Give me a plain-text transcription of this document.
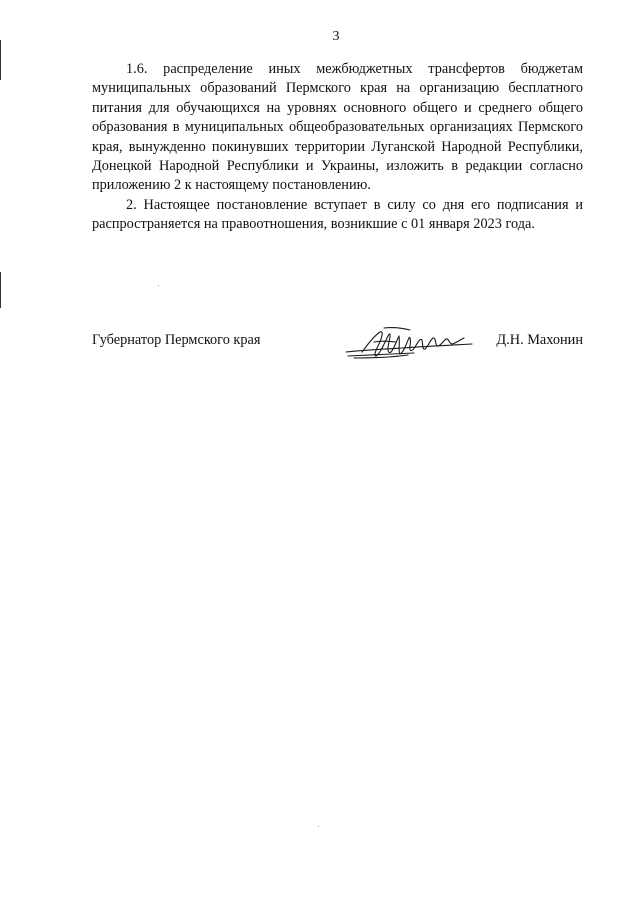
3

1.6. распределение иных межбюджетных трансфертов бюджетам муниципальных образований Пермского края на организацию бесплатного питания для обучающихся на уровнях основного общего и среднего общего образования в муниципальных общеобразовательных организациях Пермского края, вынужденно покинувших территории Луганской Народной Республики, Донецкой Народной Республики и Украины, изложить в редакции согласно приложению 2 к настоящему постановлению.

2. Настоящее постановление вступает в силу со дня его подписания и распространяется на правоотношения, возникшие с 01 января 2023 года.

Губернатор Пермского края	Д.Н. Махонин
